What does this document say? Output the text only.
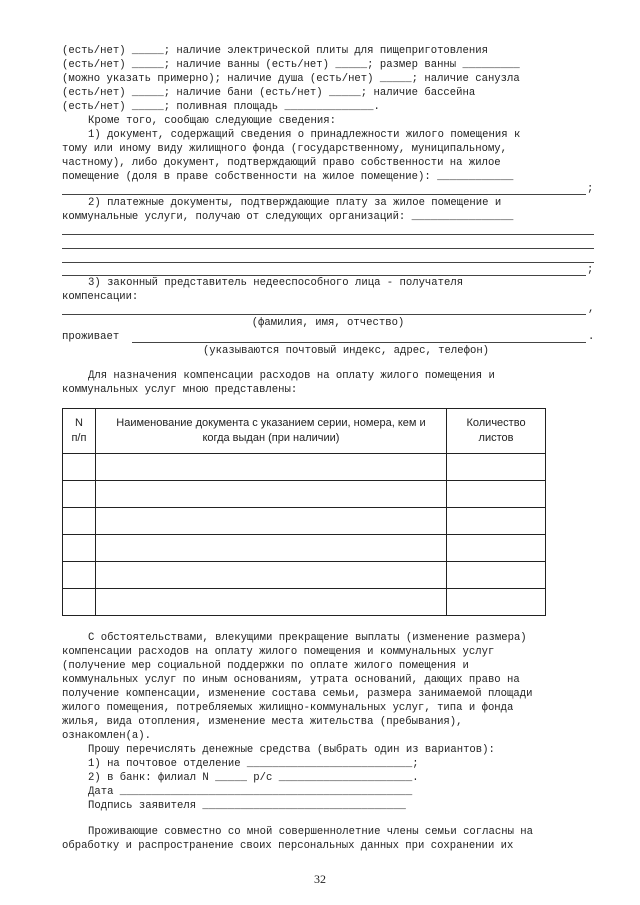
(есть/нет) _____; наличие электрической плиты для пищеприготовления
(есть/нет) _____; наличие ванны (есть/нет) _____; размер ванны _________
(можно указать примерно); наличие душа (есть/нет) _____; наличие санузла
(есть/нет) _____; наличие бани (есть/нет) _____; наличие бассейна
(есть/нет) _____; поливная площадь ______________.
Кроме того, сообщаю следующие сведения:
1) документ, содержащий сведения о принадлежности жилого помещения к
тому или иному виду жилищного фонда (государственному, муниципальному,
частному), либо документ, подтверждающий право собственности на жилое
помещение (доля в праве собственности на жилое помещение): ____________
;
2) платежные документы, подтверждающие плату за жилое помещение и
коммунальные услуги, получаю от следующих организаций: ________________
;
3) законный представитель недееспособного лица - получателя
компенсации:
,
(фамилия, имя, отчество)
проживает	.
(указываются почтовый индекс, адрес, телефон)
Для назначения компенсации расходов на оплату жилого помещения и
коммунальных услуг мною представлены:
N
п/п	Наименование документа с указанием серии, номера, кем и когда выдан (при наличии)	Количество листов

С обстоятельствами, влекущими прекращение выплаты (изменение размера)
компенсации расходов на оплату жилого помещения и коммунальных услуг
(получение мер социальной поддержки по оплате жилого помещения и
коммунальных услуг по иным основаниям, утрата оснований, дающих право на
получение компенсации, изменение состава семьи, размера занимаемой площади
жилого помещения, потребляемых жилищно-коммунальных услуг, типа и фонда
жилья, вида отопления, изменение места жительства (пребывания),
ознакомлен(а).
Прошу перечислять денежные средства (выбрать один из вариантов):
1) на почтовое отделение __________________________;
2) в банк: филиал N _____ р/с _____________________.
Дата ______________________________________________
Подпись заявителя ________________________________
Проживающие совместно со мной совершеннолетние члены семьи согласны на
обработку и распространение своих персональных данных при сохранении их
32
